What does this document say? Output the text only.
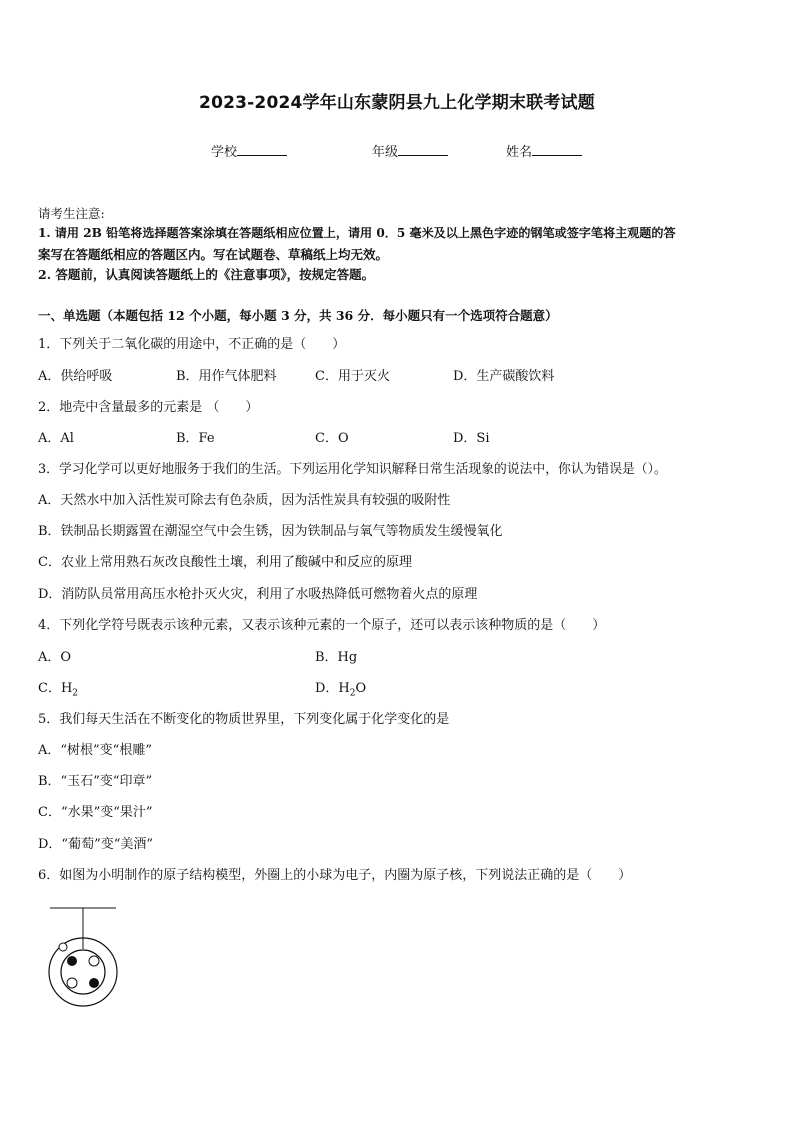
2023-2024学年山东蒙阴县九上化学期末联考试题
学校	年级	姓名
请考生注意:
1. 请用 2B 铅笔将选择题答案涂填在答题纸相应位置上，请用 0．5 毫米及以上黑色字迹的钢笔或签字笔将主观题的答
案写在答题纸相应的答题区内。写在试题卷、草稿纸上均无效。
2. 答题前，认真阅读答题纸上的《注意事项》，按规定答题。
一、单选题（本题包括 12 个小题，每小题 3 分，共 36 分．每小题只有一个选项符合题意）
1．下列关于二氧化碳的用途中，不正确的是（　　）
A．供给呼吸	B．用作气体肥料	C．用于灭火	D．生产碳酸饮料
2．地壳中含量最多的元素是 （　　）
A．Al	B．Fe	C．O	D．Si
3．学习化学可以更好地服务于我们的生活。下列运用化学知识解释日常生活现象的说法中，你认为错误是（）。
A．天然水中加入活性炭可除去有色杂质，因为活性炭具有较强的吸附性
B．铁制品长期露置在潮湿空气中会生锈，因为铁制品与氧气等物质发生缓慢氧化
C．农业上常用熟石灰改良酸性土壤，利用了酸碱中和反应的原理
D．消防队员常用高压水枪扑灭火灾，利用了水吸热降低可燃物着火点的原理
4．下列化学符号既表示该种元素，又表示该种元素的一个原子，还可以表示该种物质的是（　　）
A．O	B．Hg
C．$H_2$	D．$H_2O$
5．我们每天生活在不断变化的物质世界里，下列变化属于化学变化的是
A．“树根”变“根雕”
B．“玉石”变“印章”
C．“水果”变“果汁”
D．“葡萄”变“美酒”
6．如图为小明制作的原子结构模型，外圈上的小球为电子，内圈为原子核，下列说法正确的是（　　）
